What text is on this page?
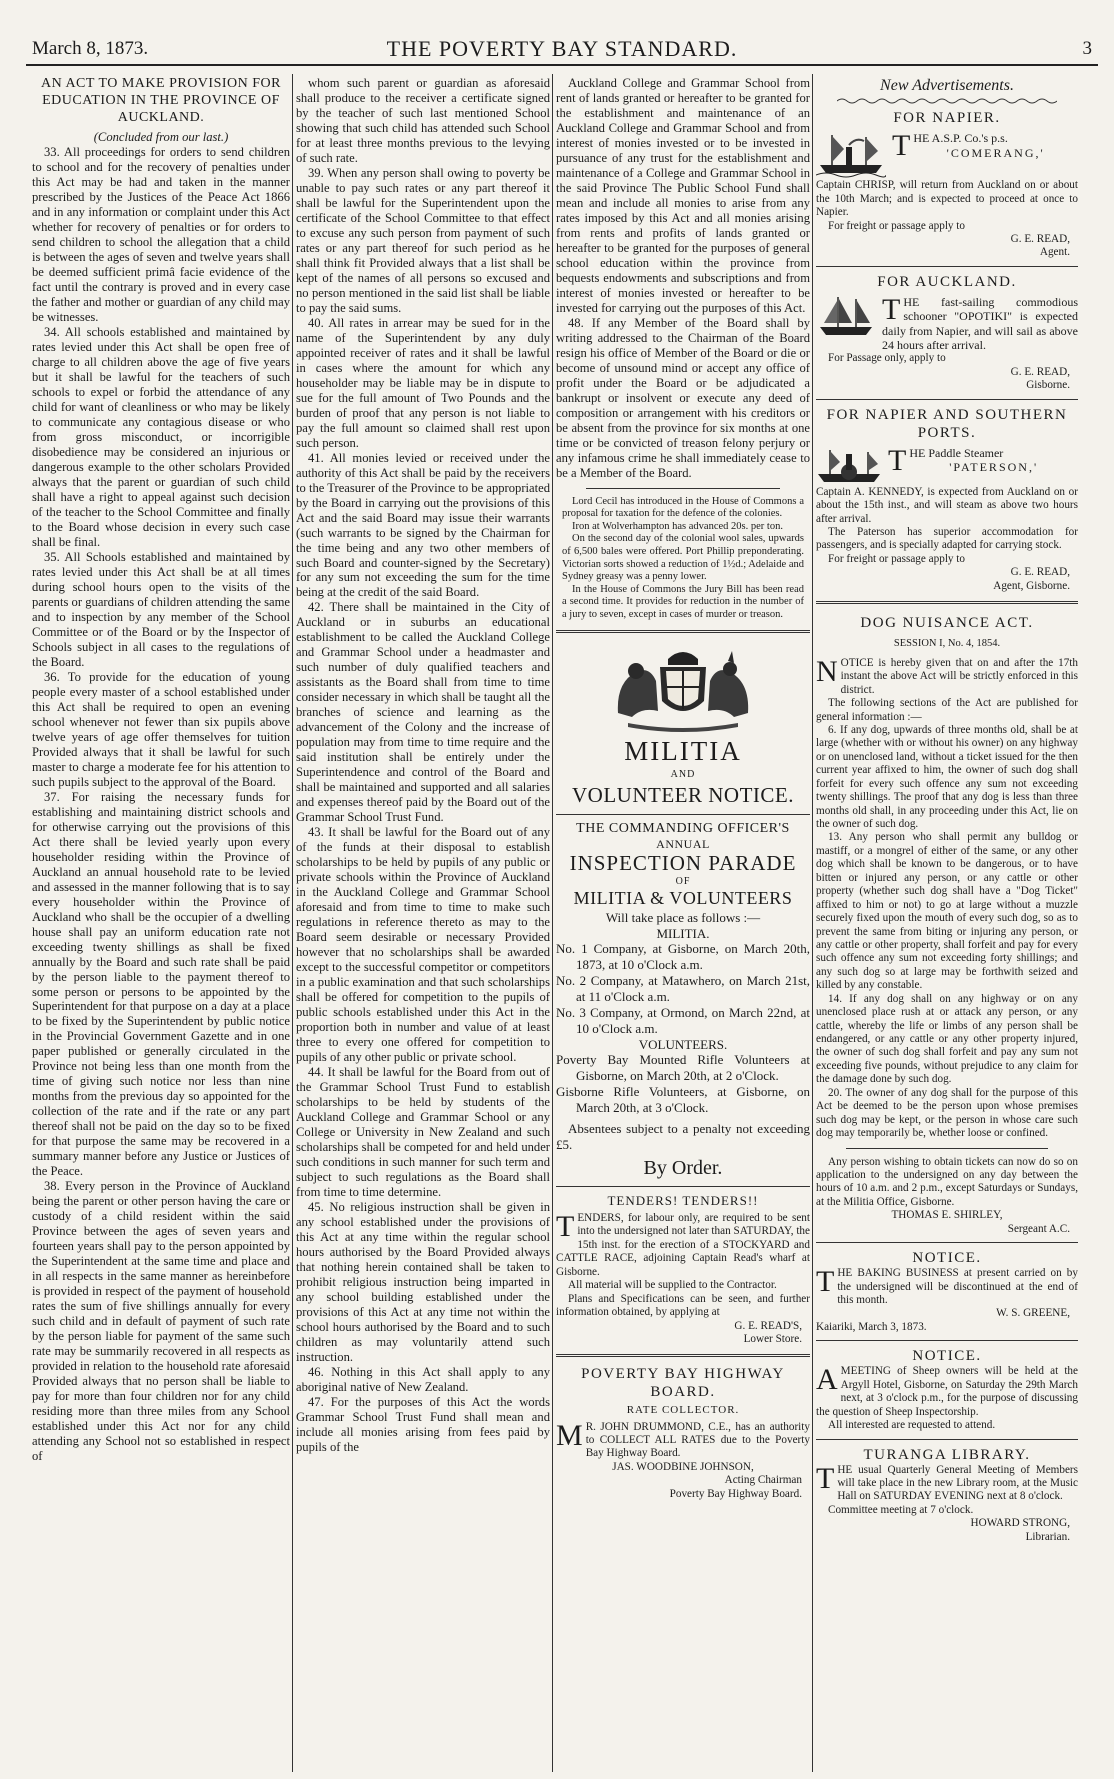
March 8, 1873.	THE POVERTY BAY STANDARD.	3
AN ACT TO MAKE PROVISION FOR EDUCATION IN THE PROVINCE OF AUCKLAND.

(Concluded from our last.)

33. All proceedings for orders to send children to school and for the recovery of penalties under this Act may be had and taken in the manner prescribed by the Justices of the Peace Act 1866 and in any information or complaint under this Act whether for recovery of penalties or for orders to send children to school the allegation that a child is between the ages of seven and twelve years shall be deemed sufficient primâ facie evidence of the fact until the contrary is proved and in every case the father and mother or guardian of any child may be witnesses.

34. All schools established and maintained by rates levied under this Act shall be open free of charge to all children above the age of five years but it shall be lawful for the teachers of such schools to expel or forbid the attendance of any child for want of cleanliness or who may be likely to communicate any contagious disease or who from gross misconduct, or incorrigible disobedience may be considered an injurious or dangerous example to the other scholars Provided always that the parent or guardian of such child shall have a right to appeal against such decision of the teacher to the School Committee and finally to the Board whose decision in every such case shall be final.

35. All Schools established and maintained by rates levied under this Act shall be at all times during school hours open to the visits of the parents or guardians of children attending the same and to inspection by any member of the School Committee or of the Board or by the Inspector of Schools subject in all cases to the regulations of the Board.

36. To provide for the education of young people every master of a school established under this Act shall be required to open an evening school whenever not fewer than six pupils above twelve years of age offer themselves for tuition Provided always that it shall be lawful for such master to charge a moderate fee for his attention to such pupils subject to the approval of the Board.

37. For raising the necessary funds for establishing and maintaining district schools and for otherwise carrying out the provisions of this Act there shall be levied yearly upon every householder residing within the Province of Auckland an annual household rate to be levied and assessed in the manner following that is to say every householder within the Province of Auckland who shall be the occupier of a dwelling house shall pay an uniform education rate not exceeding twenty shillings as shall be fixed annually by the Board and such rate shall be paid by the person liable to the payment thereof to some person or persons to be appointed by the Superintendent for that purpose on a day at a place to be fixed by the Superintendent by public notice in the Provincial Government Gazette and in one paper published or generally circulated in the Province not being less than one month from the time of giving such notice nor less than nine months from the previous day so appointed for the collection of the rate and if the rate or any part thereof shall not be paid on the day so to be fixed for that purpose the same may be recovered in a summary manner before any Justice or Justices of the Peace.

38. Every person in the Province of Auckland being the parent or other person having the care or custody of a child resident within the said Province between the ages of seven years and fourteen years shall pay to the person appointed by the Superintendent at the same time and place and in all respects in the same manner as hereinbefore is provided in respect of the payment of household rates the sum of five shillings annually for every such child and in default of payment of such rate by the person liable for payment of the same such rate may be summarily recovered in all respects as provided in relation to the household rate aforesaid Provided always that no person shall be liable to pay for more than four children nor for any child residing more than three miles from any School established under this Act nor for any child attending any School not so established in respect of

whom such parent or guardian as aforesaid shall produce to the receiver a certificate signed by the teacher of such last mentioned School showing that such child has attended such School for at least three months previous to the levying of such rate.

39. When any person shall owing to poverty be unable to pay such rates or any part thereof it shall be lawful for the Superintendent upon the certificate of the School Committee to that effect to excuse any such person from payment of such rates or any part thereof for such period as he shall think fit Provided always that a list shall be kept of the names of all persons so excused and no person mentioned in the said list shall be liable to pay the said sums.

40. All rates in arrear may be sued for in the name of the Superintendent by any duly appointed receiver of rates and it shall be lawful in cases where the amount for which any householder may be liable may be in dispute to sue for the full amount of Two Pounds and the burden of proof that any person is not liable to pay the full amount so claimed shall rest upon such person.

41. All monies levied or received under the authority of this Act shall be paid by the receivers to the Treasurer of the Province to be appropriated by the Board in carrying out the provisions of this Act and the said Board may issue their warrants (such warrants to be signed by the Chairman for the time being and any two other members of such Board and counter-signed by the Secretary) for any sum not exceeding the sum for the time being at the credit of the said Board.

42. There shall be maintained in the City of Auckland or in suburbs an educational establishment to be called the Auckland College and Grammar School under a headmaster and such number of duly qualified teachers and assistants as the Board shall from time to time consider necessary in which shall be taught all the branches of science and learning as the advancement of the Colony and the increase of population may from time to time require and the said institution shall be entirely under the Superintendence and control of the Board and shall be maintained and supported and all salaries and expenses thereof paid by the Board out of the Grammar School Trust Fund.

43. It shall be lawful for the Board out of any of the funds at their disposal to establish scholarships to be held by pupils of any public or private schools within the Province of Auckland in the Auckland College and Grammar School aforesaid and from time to time to make such regulations in reference thereto as may to the Board seem desirable or necessary Provided however that no scholarships shall be awarded except to the successful competitor or competitors in a public examination and that such scholarships shall be offered for competition to the pupils of public schools established under this Act in the proportion both in number and value of at least three to every one offered for competition to pupils of any other public or private school.

44. It shall be lawful for the Board from out of the Grammar School Trust Fund to establish scholarships to be held by students of the Auckland College and Grammar School or any College or University in New Zealand and such scholarships shall be competed for and held under such conditions in such manner for such term and subject to such regulations as the Board shall from time to time determine.

45. No religious instruction shall be given in any school established under the provisions of this Act at any time within the regular school hours authorised by the Board Provided always that nothing herein contained shall be taken to prohibit religious instruction being imparted in any school building established under the provisions of this Act at any time not within the school hours authorised by the Board and to such children as may voluntarily attend such instruction.

46. Nothing in this Act shall apply to any aboriginal native of New Zealand.

47. For the purposes of this Act the words Grammar School Trust Fund shall mean and include all monies arising from fees paid by pupils of the

Auckland College and Grammar School from rent of lands granted or hereafter to be granted for the establishment and maintenance of an Auckland College and Grammar School and from interest of monies invested or to be invested in pursuance of any trust for the establishment and maintenance of a College and Grammar School in the said Province The Public School Fund shall mean and include all monies to arise from any rates imposed by this Act and all monies arising from rents and profits of lands granted or hereafter to be granted for the purposes of general school education within the province from bequests endowments and subscriptions and from interest of monies invested or hereafter to be invested for carrying out the purposes of this Act.

48. If any Member of the Board shall by writing addressed to the Chairman of the Board resign his office of Member of the Board or die or become of unsound mind or accept any office of profit under the Board or be adjudicated a bankrupt or insolvent or execute any deed of composition or arrangement with his creditors or be absent from the province for six months at one time or be convicted of treason felony perjury or any infamous crime he shall immediately cease to be a Member of the Board.

Lord Cecil has introduced in the House of Commons a proposal for taxation for the defence of the colonies.

Iron at Wolverhampton has advanced 20s. per ton.

On the second day of the colonial wool sales, upwards of 6,500 bales were offered. Port Phillip preponderating. Victorian sorts showed a reduction of 1½d.; Adelaide and Sydney greasy was a penny lower.

In the House of Commons the Jury Bill has been read a second time. It provides for reduction in the number of a jury to seven, except in cases of murder or treason.

MILITIA
AND
VOLUNTEER NOTICE.
THE COMMANDING OFFICER'S
ANNUAL
INSPECTION PARADE
OF
MILITIA & VOLUNTEERS

Will take place as follows :—

MILITIA.

No. 1 Company, at Gisborne, on March 20th, 1873, at 10 o'Clock a.m.

No. 2 Company, at Matawhero, on March 21st, at 11 o'Clock a.m.

No. 3 Company, at Ormond, on March 22nd, at 10 o'Clock a.m.

VOLUNTEERS.

Poverty Bay Mounted Rifle Volunteers at Gisborne, on March 20th, at 2 o'Clock.

Gisborne Rifle Volunteers, at Gisborne, on March 20th, at 3 o'Clock.

Absentees subject to a penalty not exceeding £5.

By Order.
TENDERS! TENDERS!!

TENDERS, for labour only, are required to be sent into the undersigned not later than SATURDAY, the 15th inst. for the erection of a STOCKYARD and CATTLE RACE, adjoining Captain Read's wharf at Gisborne.

All material will be supplied to the Contractor.

Plans and Specifications can be seen, and further information obtained, by applying at

G. E. READ'S,
Lower Store.
POVERTY BAY HIGHWAY BOARD.
RATE COLLECTOR.

M R. JOHN DRUMMOND, C.E., has an authority to COLLECT ALL RATES due to the Poverty Bay Highway Board.

JAS. WOODBINE JOHNSON,
Acting Chairman
Poverty Bay Highway Board.
New Advertisements.
FOR NAPIER.

THE A.S.P. Co.'s p.s.

'COMERANG,'

Captain CHRISP, will return from Auckland on or about the 10th March; and is expected to proceed at once to Napier.

For freight or passage apply to

G. E. READ,
Agent.
FOR AUCKLAND.

THE fast-sailing commodious schooner "OPOTIKI" is expected daily from Napier, and will sail as above 24 hours after arrival.

For Passage only, apply to

G. E. READ,
Gisborne.
FOR NAPIER AND SOUTHERN PORTS.

THE Paddle Steamer

'PATERSON,'

Captain A. KENNEDY, is expected from Auckland on or about the 15th inst., and will steam as above two hours after arrival.

The Paterson has superior accommodation for passengers, and is specially adapted for carrying stock.

For freight or passage apply to

G. E. READ,
Agent, Gisborne.
DOG NUISANCE ACT.
SESSION I, No. 4, 1854.

NOTICE is hereby given that on and after the 17th instant the above Act will be strictly enforced in this district.

The following sections of the Act are published for general information :—

6. If any dog, upwards of three months old, shall be at large (whether with or without his owner) on any highway or on unenclosed land, without a ticket issued for the then current year affixed to him, the owner of such dog shall forfeit for every such offence any sum not exceeding twenty shillings. The proof that any dog is less than three months old shall, in any proceeding under this Act, lie on the owner of such dog.

13. Any person who shall permit any bulldog or mastiff, or a mongrel of either of the same, or any other dog which shall be known to be dangerous, or to have bitten or injured any person, or any cattle or other property (whether such dog shall have a "Dog Ticket" affixed to him or not) to go at large without a muzzle securely fixed upon the mouth of every such dog, so as to prevent the same from biting or injuring any person, or any cattle or other property, shall forfeit and pay for every such offence any sum not exceeding forty shillings; and any such dog so at large may be forthwith seized and killed by any constable.

14. If any dog shall on any highway or on any unenclosed place rush at or attack any person, or any cattle, whereby the life or limbs of any person shall be endangered, or any cattle or any other property injured, the owner of such dog shall forfeit and pay any sum not exceeding five pounds, without prejudice to any claim for the damage done by such dog.

20. The owner of any dog shall for the purpose of this Act be deemed to be the person upon whose premises such dog may be kept, or the person in whose care such dog may temporarily be, whether loose or confined.

Any person wishing to obtain tickets can now do so on application to the undersigned on any day between the hours of 10 a.m. and 2 p.m., except Saturdays or Sundays, at the Militia Office, Gisborne.

THOMAS E. SHIRLEY,
Sergeant A.C.
NOTICE.

THE BAKING BUSINESS at present carried on by the undersigned will be discontinued at the end of this month.

W. S. GREENE,
Kaiariki, March 3, 1873.
NOTICE.

AMEETING of Sheep owners will be held at the Argyll Hotel, Gisborne, on Saturday the 29th March next, at 3 o'clock p.m., for the purpose of discussing the question of Sheep Inspectorship.

All interested are requested to attend.

TURANGA LIBRARY.

THE usual Quarterly General Meeting of Members will take place in the new Library room, at the Music Hall on SATURDAY EVENING next at 8 o'clock.

Committee meeting at 7 o'clock.

HOWARD STRONG,
Librarian.
